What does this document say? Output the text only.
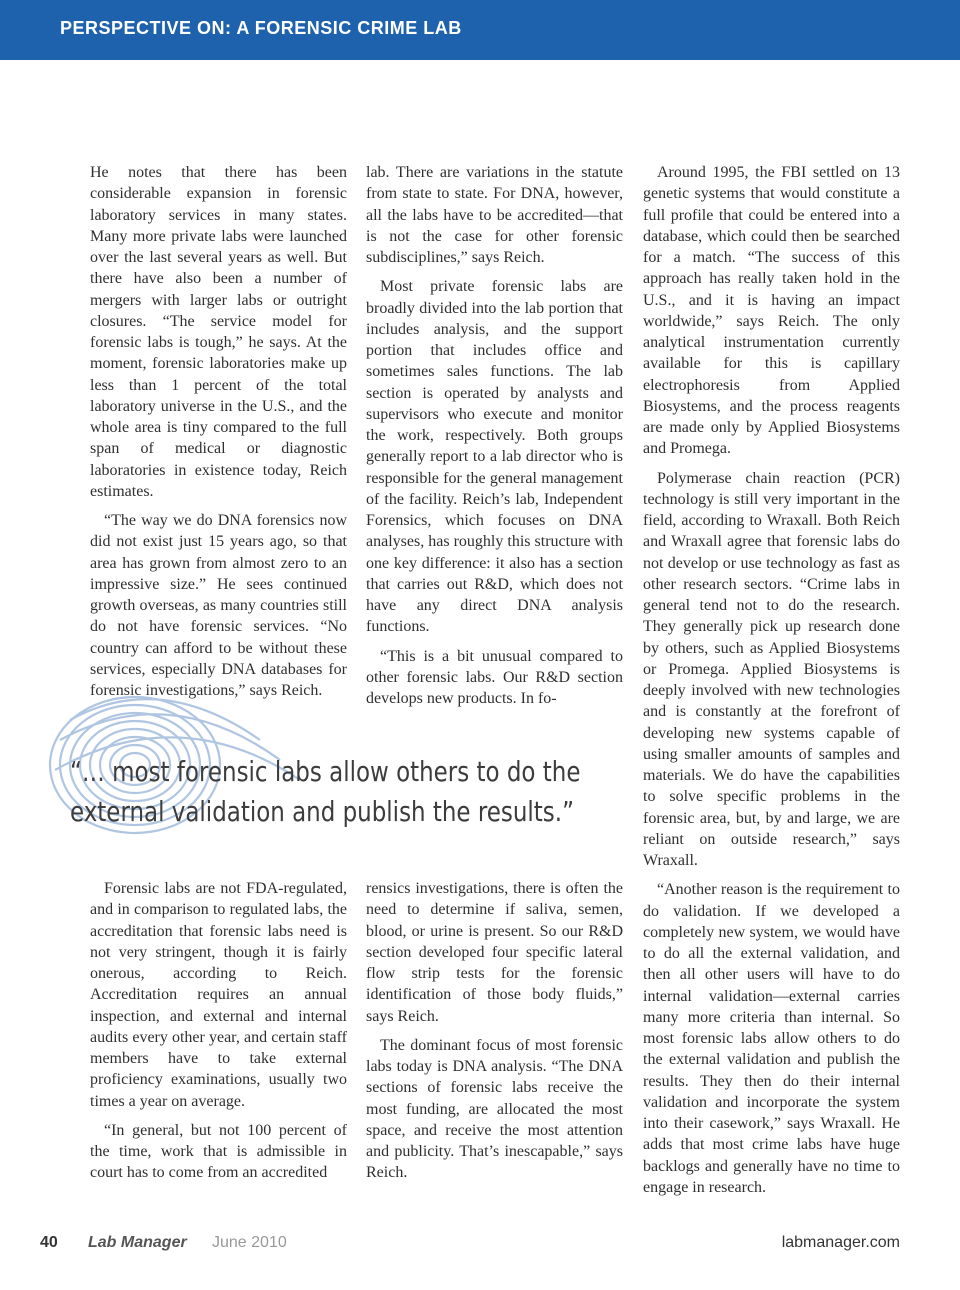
PERSPECTIVE ON: A FORENSIC CRIME LAB

He notes that there has been considerable expansion in forensic laboratory services in many states. Many more private labs were launched over the last several years as well. But there have also been a number of mergers with larger labs or outright closures. “The service model for forensic labs is tough,” he says. At the moment, forensic laboratories make up less than 1 percent of the total laboratory universe in the U.S., and the whole area is tiny compared to the full span of medical or diagnostic laboratories in existence today, Reich estimates.

“The way we do DNA forensics now did not exist just 15 years ago, so that area has grown from almost zero to an impressive size.” He sees continued growth overseas, as many countries still do not have forensic services. “No country can afford to be without these services, especially DNA databases for forensic investigations,” says Reich.

lab. There are variations in the statute from state to state. For DNA, however, all the labs have to be accredited—that is not the case for other forensic subdisciplines,” says Reich.

Most private forensic labs are broadly divided into the lab portion that includes analysis, and the support portion that includes office and sometimes sales functions. The lab section is operated by analysts and supervisors who execute and monitor the work, respectively. Both groups generally report to a lab director who is responsible for the general management of the facility. Reich’s lab, Independent Forensics, which focuses on DNA analyses, has roughly this structure with one key difference: it also has a section that carries out R&D, which does not have any direct DNA analysis functions.

“This is a bit unusual compared to other forensic labs. Our R&D section develops new products. In fo-

Around 1995, the FBI settled on 13 genetic systems that would constitute a full profile that could be entered into a database, which could then be searched for a match. “The success of this approach has really taken hold in the U.S., and it is having an impact worldwide,” says Reich. The only analytical instrumentation currently available for this is capillary electrophoresis from Applied Biosystems, and the process reagents are made only by Applied Biosystems and Promega.

Polymerase chain reaction (PCR) technology is still very important in the field, according to Wraxall. Both Reich and Wraxall agree that forensic labs do not develop or use technology as fast as other research sectors. “Crime labs in general tend not to do the research. They generally pick up research done by others, such as Applied Biosystems or Promega. Applied Biosystems is deeply involved with new technologies and is constantly at the forefront of developing new systems capable of using smaller amounts of samples and materials. We do have the capabilities to solve specific problems in the forensic area, but, by and large, we are reliant on outside research,” says Wraxall.

“Another reason is the requirement to do validation. If we developed a completely new system, we would have to do all the external validation, and then all other users will have to do internal validation—external carries many more criteria than internal. So most forensic labs allow others to do the external validation and publish the results. They then do their internal validation and incorporate the system into their casework,” says Wraxall. He adds that most crime labs have huge backlogs and generally have no time to engage in research.

“… most forensic labs allow others to do the
external validation and publish the results.”

Forensic labs are not FDA-regulated, and in comparison to regulated labs, the accreditation that forensic labs need is not very stringent, though it is fairly onerous, according to Reich. Accreditation requires an annual inspection, and external and internal audits every other year, and certain staff members have to take external proficiency examinations, usually two times a year on average.

“In general, but not 100 percent of the time, work that is admissible in court has to come from an accredited

rensics investigations, there is often the need to determine if saliva, semen, blood, or urine is present. So our R&D section developed four specific lateral flow strip tests for the forensic identification of those body fluids,” says Reich.

The dominant focus of most forensic labs today is DNA analysis. “The DNA sections of forensic labs receive the most funding, are allocated the most space, and receive the most attention and publicity. That’s inescapable,” says Reich.

40 Lab Manager June 2010	labmanager.com
